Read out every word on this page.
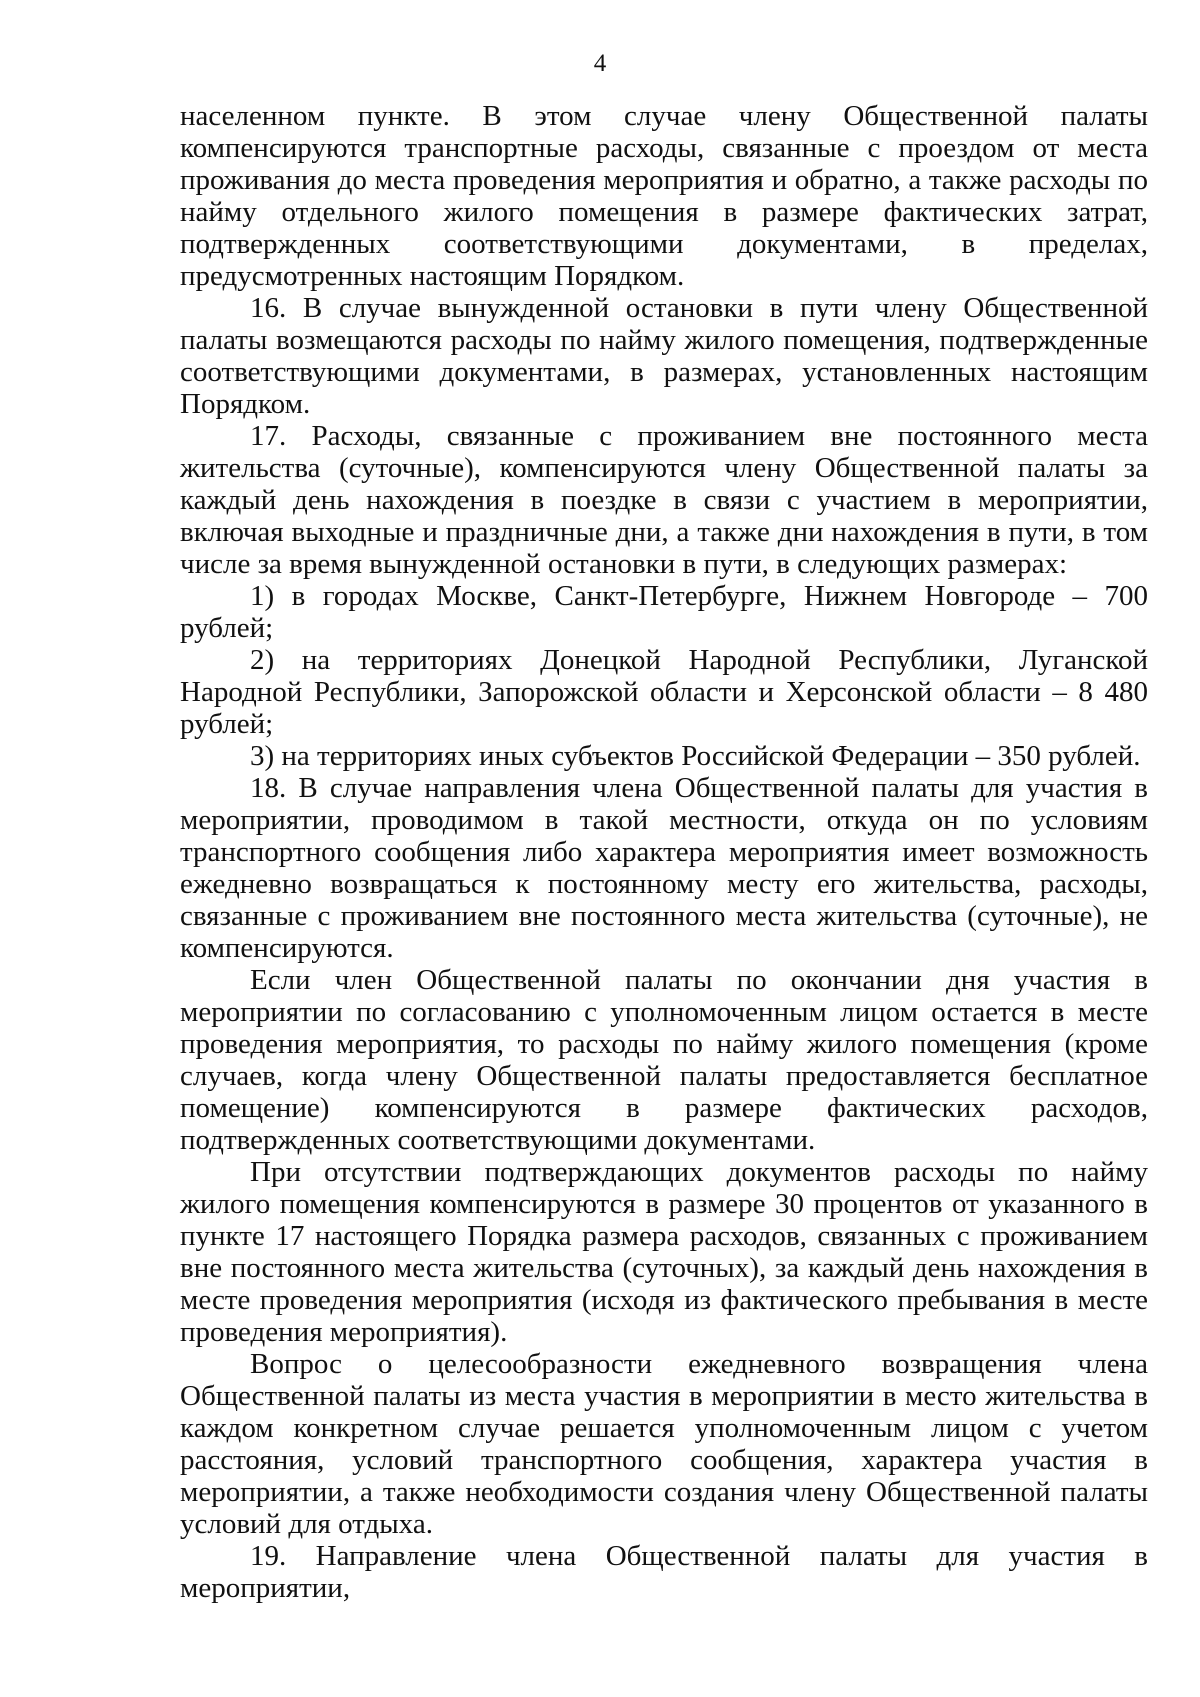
4

населенном пункте. В этом случае члену Общественной палаты компенсируются транспортные расходы, связанные с проездом от места проживания до места проведения мероприятия и обратно, а также расходы по найму отдельного жилого помещения в размере фактических затрат, подтвержденных соответствующими документами, в пределах, предусмотренных настоящим Порядком.

16. В случае вынужденной остановки в пути члену Общественной палаты возмещаются расходы по найму жилого помещения, подтвержденные соответствующими документами, в размерах, установленных настоящим Порядком.

17. Расходы, связанные с проживанием вне постоянного места жительства (суточные), компенсируются члену Общественной палаты за каждый день нахождения в поездке в связи с участием в мероприятии, включая выходные и праздничные дни, а также дни нахождения в пути, в том числе за время вынужденной остановки в пути, в следующих размерах:

1) в городах Москве, Санкт-Петербурге, Нижнем Новгороде – 700 рублей;

2) на территориях Донецкой Народной Республики, Луганской Народной Республики, Запорожской области и Херсонской области – 8 480 рублей;

3) на территориях иных субъектов Российской Федерации – 350 рублей.

18. В случае направления члена Общественной палаты для участия в мероприятии, проводимом в такой местности, откуда он по условиям транспортного сообщения либо характера мероприятия имеет возможность ежедневно возвращаться к постоянному месту его жительства, расходы, связанные с проживанием вне постоянного места жительства (суточные), не компенсируются.

Если член Общественной палаты по окончании дня участия в мероприятии по согласованию с уполномоченным лицом остается в месте проведения мероприятия, то расходы по найму жилого помещения (кроме случаев, когда члену Общественной палаты предоставляется бесплатное помещение) компенсируются в размере фактических расходов, подтвержденных соответствующими документами.

При отсутствии подтверждающих документов расходы по найму жилого помещения компенсируются в размере 30 процентов от указанного в пункте 17 настоящего Порядка размера расходов, связанных с проживанием вне постоянного места жительства (суточных), за каждый день нахождения в месте проведения мероприятия (исходя из фактического пребывания в месте проведения мероприятия).

Вопрос о целесообразности ежедневного возвращения члена Общественной палаты из места участия в мероприятии в место жительства в каждом конкретном случае решается уполномоченным лицом с учетом расстояния, условий транспортного сообщения, характера участия в мероприятии, а также необходимости создания члену Общественной палаты условий для отдыха.

19. Направление члена Общественной палаты для участия в мероприятии,
